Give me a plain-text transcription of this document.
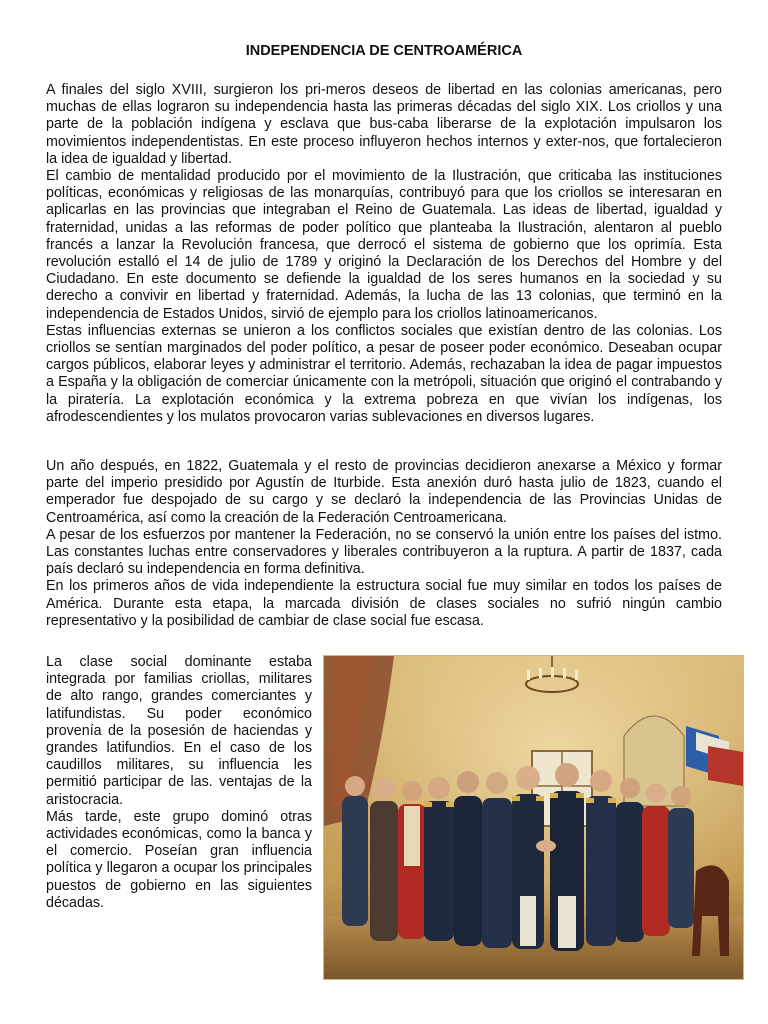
INDEPENDENCIA DE CENTROAMÉRICA

A finales del siglo XVIII, surgieron los pri-meros deseos de libertad en las colonias americanas, pero muchas de ellas lograron su independencia hasta las primeras décadas del siglo XIX. Los criollos y una parte de la población indígena y esclava que bus-caba liberarse de la explotación impulsaron los movimientos independentistas. En este proceso influyeron hechos internos y exter-nos, que fortalecieron la idea de igualdad y libertad.

El cambio de mentalidad producido por el movimiento de la Ilustración, que criticaba las instituciones políticas, económicas y religiosas de las monarquías, contribuyó para que los criollos se interesaran en aplicarlas en las provincias que integraban el Reino de Guatemala. Las ideas de libertad, igualdad y fraternidad, unidas a las reformas de poder político que planteaba la Ilustración, alentaron al pueblo francés a lanzar la Revolución francesa, que derrocó el sistema de gobierno que los oprimía. Esta revolución estalló el 14 de julio de 1789 y originó la Declaración de los Derechos del Hombre y del Ciudadano. En este documento se defiende la igualdad de los seres humanos en la sociedad y su derecho a convivir en libertad y fraternidad. Además, la lucha de las 13 colonias, que terminó en la independencia de Estados Unidos, sirvió de ejemplo para los criollos latinoamericanos.

Estas influencias externas se unieron a los conflictos sociales que existían dentro de las colonias. Los criollos se sentían marginados del poder político, a pesar de poseer poder económico. Deseaban ocupar cargos públicos, elaborar leyes y administrar el territorio. Además, rechazaban la idea de pagar impuestos a España y la obligación de comerciar únicamente con la metrópoli, situación que originó el contrabando y la piratería. La explotación económica y la extrema pobreza en que vivían los indígenas, los afrodescendientes y los mulatos provocaron varias sublevaciones en diversos lugares.

Un año después, en 1822, Guatemala y el resto de provincias decidieron anexarse a México y formar parte del imperio presidido por Agustín de Iturbide. Esta anexión duró hasta julio de 1823, cuando el emperador fue despojado de su cargo y se declaró la independencia de las Provincias Unidas de Centroamérica, así como la creación de la Federación Centroamericana.

A pesar de los esfuerzos por mantener la Federación, no se conservó la unión entre los países del istmo. Las constantes luchas entre conservadores y liberales contribuyeron a la ruptura. A partir de 1837, cada país declaró su independencia en forma definitiva.

En los primeros años de vida independiente la estructura social fue muy similar en todos los países de América. Durante esta etapa, la marcada división de clases sociales no sufrió ningún cambio representativo y la posibilidad de cambiar de clase social fue escasa.

La clase social dominante estaba integrada por familias criollas, militares de alto rango, grandes comerciantes y latifundistas. Su poder económico provenía de la posesión de haciendas y grandes latifundios. En el caso de los caudillos militares, su influencia les permitió participar de las. ventajas de la aristocracia.

Más tarde, este grupo dominó otras actividades económicas, como la banca y el comercio. Poseían gran influencia política y llegaron a ocupar los principales puestos de gobierno en las siguientes décadas.
